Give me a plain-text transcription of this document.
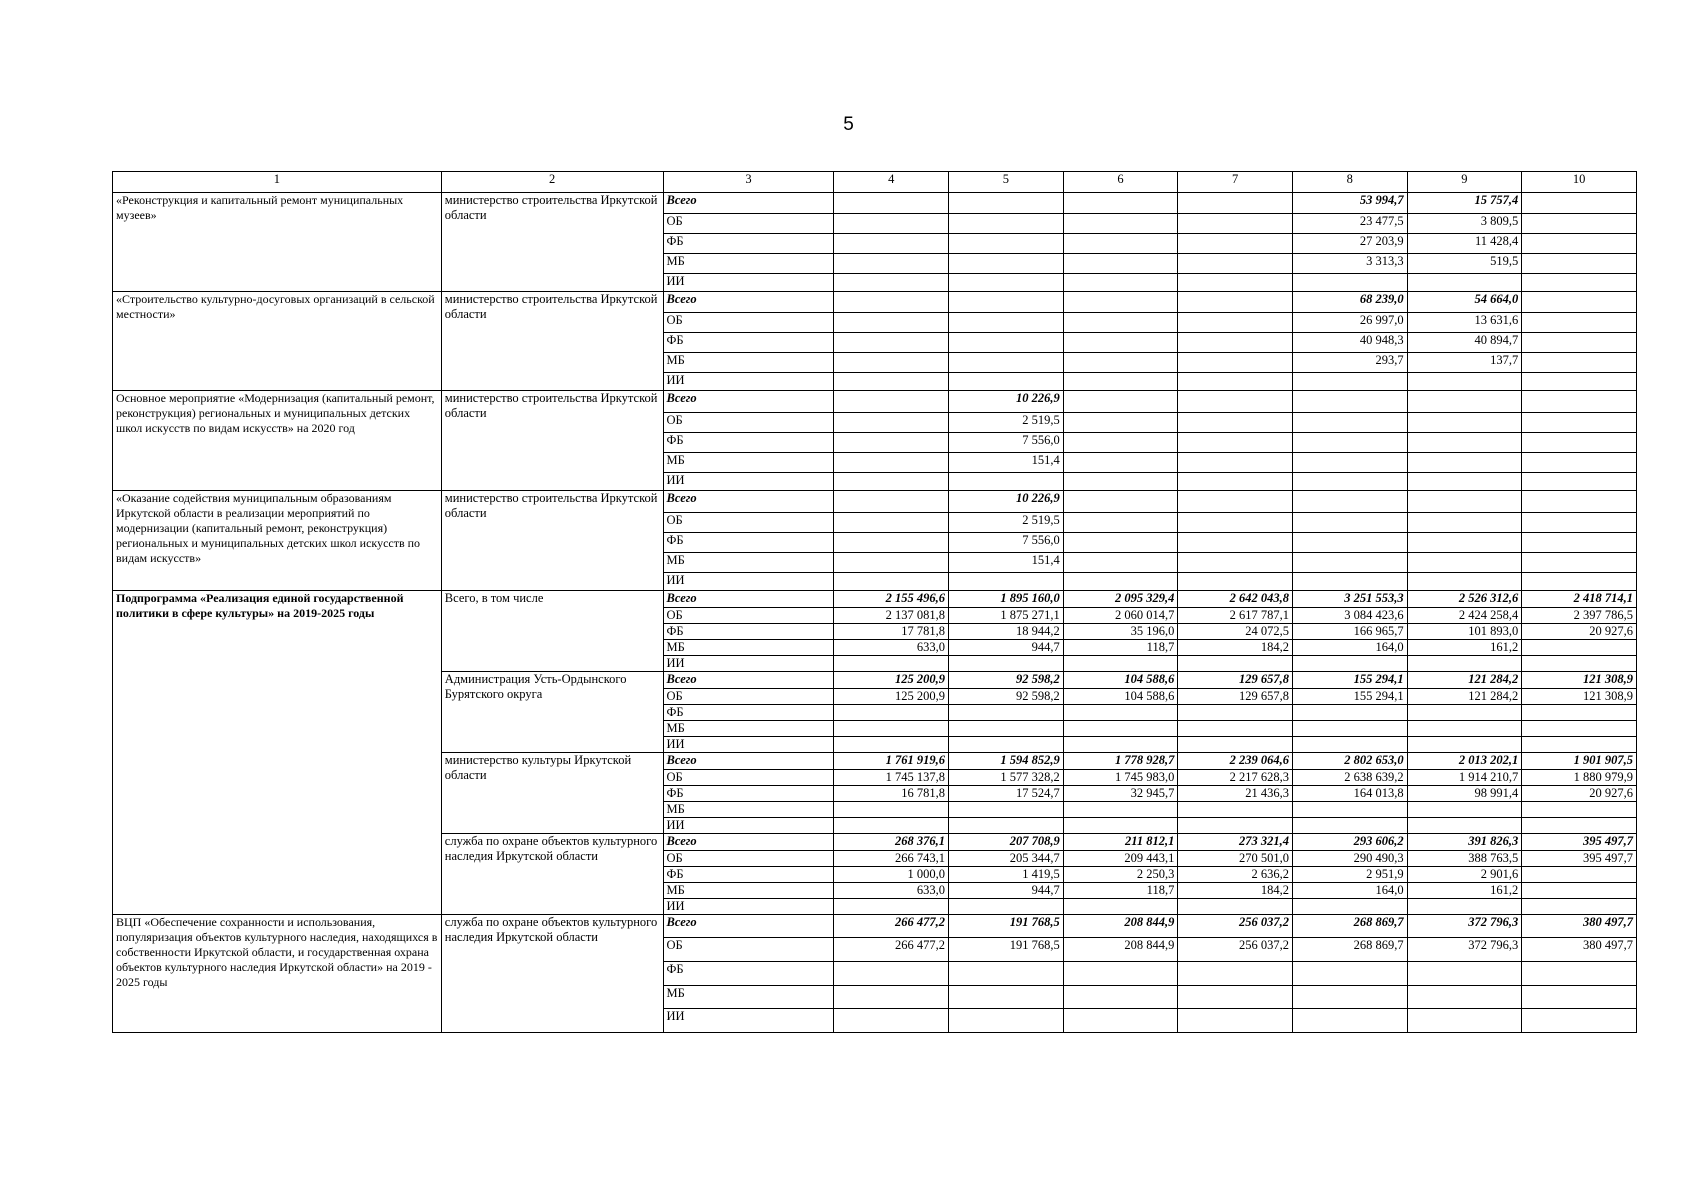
5
1	2	3	4	5	6	7	8	9	10
«Реконструкция и капитальный ремонт муниципальных музеев»	министерство строительства Иркутской области	Всего					53 994,7	15 757,4	
		ОБ					23 477,5	3 809,5	
		ФБ					27 203,9	11 428,4	
		МБ					3 313,3	519,5	
		ИИ							
«Строительство культурно-досуговых организаций в сельской местности»	министерство строительства Иркутской области	Всего					68 239,0	54 664,0	
		ОБ					26 997,0	13 631,6	
		ФБ					40 948,3	40 894,7	
		МБ					293,7	137,7	
		ИИ							
Основное мероприятие «Модернизация (капитальный ремонт, реконструкция) региональных и муниципальных детских школ искусств по видам искусств» на 2020 год	министерство строительства Иркутской области	Всего		10 226,9					
		ОБ		2 519,5					
		ФБ		7 556,0					
		МБ		151,4					
		ИИ							
«Оказание содействия муниципальным образованиям Иркутской области в реализации мероприятий по модернизации (капитальный ремонт, реконструкция) региональных и муниципальных детских школ искусств по видам искусств»	министерство строительства Иркутской области	Всего		10 226,9					
		ОБ		2 519,5					
		ФБ		7 556,0					
		МБ		151,4					
		ИИ							
Подпрограмма «Реализация единой государственной политики в сфере культуры» на 2019-2025 годы	Всего, в том числе	Всего	2 155 496,6	1 895 160,0	2 095 329,4	2 642 043,8	3 251 553,3	2 526 312,6	2 418 714,1
		ОБ	2 137 081,8	1 875 271,1	2 060 014,7	2 617 787,1	3 084 423,6	2 424 258,4	2 397 786,5
		ФБ	17 781,8	18 944,2	35 196,0	24 072,5	166 965,7	101 893,0	20 927,6
		МБ	633,0	944,7	118,7	184,2	164,0	161,2	
		ИИ							
	Администрация Усть-Ордынского Бурятского округа	Всего	125 200,9	92 598,2	104 588,6	129 657,8	155 294,1	121 284,2	121 308,9
		ОБ	125 200,9	92 598,2	104 588,6	129 657,8	155 294,1	121 284,2	121 308,9
		ФБ							
		МБ							
		ИИ							
	министерство культуры Иркутской области	Всего	1 761 919,6	1 594 852,9	1 778 928,7	2 239 064,6	2 802 653,0	2 013 202,1	1 901 907,5
		ОБ	1 745 137,8	1 577 328,2	1 745 983,0	2 217 628,3	2 638 639,2	1 914 210,7	1 880 979,9
		ФБ	16 781,8	17 524,7	32 945,7	21 436,3	164 013,8	98 991,4	20 927,6
		МБ							
		ИИ							
	служба по охране объектов культурного наследия Иркутской области	Всего	268 376,1	207 708,9	211 812,1	273 321,4	293 606,2	391 826,3	395 497,7
		ОБ	266 743,1	205 344,7	209 443,1	270 501,0	290 490,3	388 763,5	395 497,7
		ФБ	1 000,0	1 419,5	2 250,3	2 636,2	2 951,9	2 901,6	
		МБ	633,0	944,7	118,7	184,2	164,0	161,2	
		ИИ							
ВЦП «Обеспечение сохранности и использования, популяризация объектов культурного наследия, находящихся в собственности Иркутской области, и государственная охрана объектов культурного наследия Иркутской области» на 2019 - 2025 годы	служба по охране объектов культурного наследия Иркутской области	Всего	266 477,2	191 768,5	208 844,9	256 037,2	268 869,7	372 796,3	380 497,7
		ОБ	266 477,2	191 768,5	208 844,9	256 037,2	268 869,7	372 796,3	380 497,7
		ФБ							
		МБ							
		ИИ							
